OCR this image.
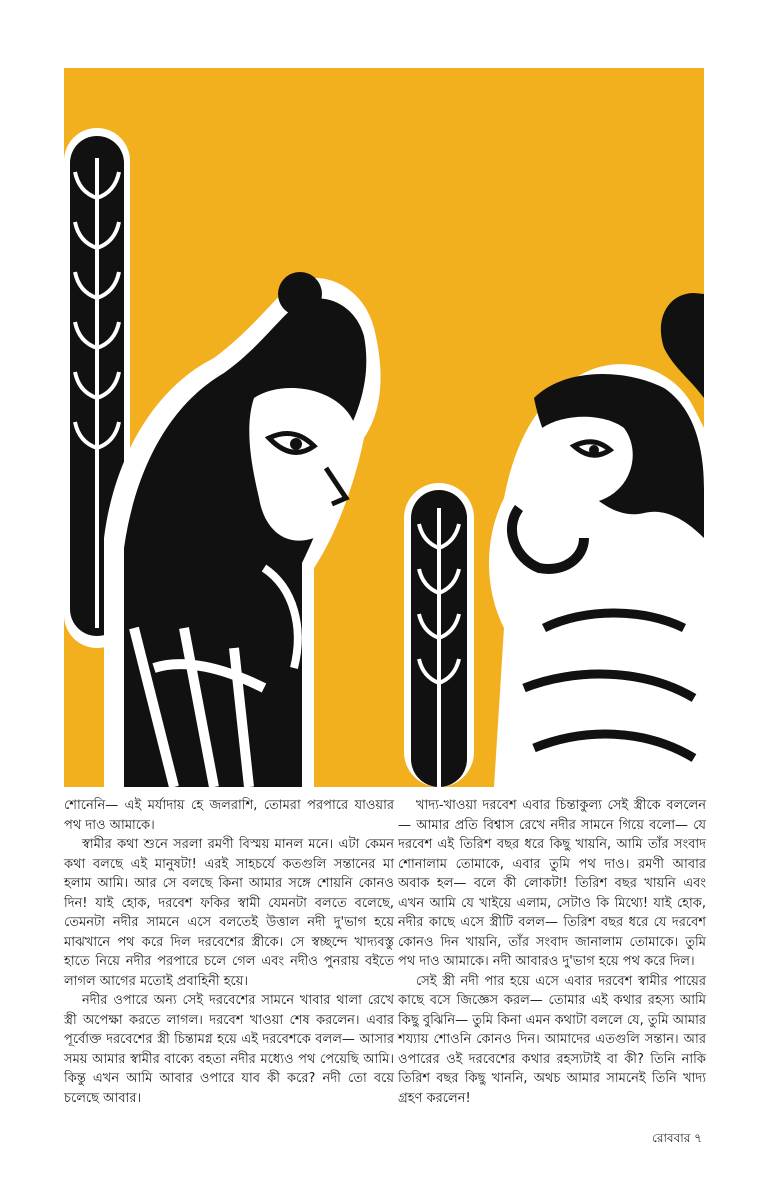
শোনেনি— এই মর্যাদায় হে জলরাশি, তোমরা পরপারে যাওয়ার পথ দাও আমাকে।

স্বামীর কথা শুনে সরলা রমণী বিস্ময় মানল মনে। এটা কেমন কথা বলছে এই মানুষটা! এরই সাহচর্যে কতগুলি সন্তানের মা হলাম আমি। আর সে বলছে কিনা আমার সঙ্গে শোয়নি কোনও দিন! যাই হোক, দরবেশ ফকির স্বামী যেমনটা বলতে বলেছে, তেমনটা নদীর সামনে এসে বলতেই উত্তাল নদী দু'ভাগ হয়ে মাঝখানে পথ করে দিল দরবেশের স্ত্রীকে। সে স্বচ্ছন্দে খাদ্যবস্তু হাতে নিয়ে নদীর পরপারে চলে গেল এবং নদীও পুনরায় বইতে লাগল আগের মতোই প্রবাহিনী হয়ে।

নদীর ওপারে অন্য সেই দরবেশের সামনে খাবার থালা রেখে স্ত্রী অপেক্ষা করতে লাগল। দরবেশ খাওয়া শেষ করলেন। এবার পূর্বোক্ত দরবেশের স্ত্রী চিন্তামগ্ন হয়ে এই দরবেশকে বলল— আসার সময় আমার স্বামীর বাক্যে বহতা নদীর মধ্যেও পথ পেয়েছি আমি। কিন্তু এখন আমি আবার ওপারে যাব কী করে? নদী তো বয়ে চলেছে আবার।

খাদ্য-খাওয়া দরবেশ এবার চিন্তাকুল্য সেই স্ত্রীকে বললেন— আমার প্রতি বিশ্বাস রেখে নদীর সামনে গিয়ে বলো— যে দরবেশ এই তিরিশ বছর ধরে কিছু খায়নি, আমি তাঁর সংবাদ শোনালাম তোমাকে, এবার তুমি পথ দাও। রমণী আবার অবাক হল— বলে কী লোকটা! তিরিশ বছর খায়নি এবং এখন আমি যে খাইয়ে এলাম, সেটাও কি মিথ্যে! যাই হোক, নদীর কাছে এসে স্ত্রীটি বলল— তিরিশ বছর ধরে যে দরবেশ কোনও দিন খায়নি, তাঁর সংবাদ জানালাম তোমাকে। তুমি পথ দাও আমাকে। নদী আবারও দু'ভাগ হয়ে পথ করে দিল।

সেই স্ত্রী নদী পার হয়ে এসে এবার দরবেশ স্বামীর পায়ের কাছে বসে জিজ্ঞেস করল— তোমার এই কথার রহস্য আমি কিছু বুঝিনি— তুমি কিনা এমন কথাটা বললে যে, তুমি আমার শয্যায় শোওনি কোনও দিন। আমাদের এতগুলি সন্তান। আর ওপারের ওই দরবেশের কথার রহস্যটাই বা কী? তিনি নাকি তিরিশ বছর কিছু খাননি, অথচ আমার সামনেই তিনি খাদ্য গ্রহণ করলেন!

রোববার ৭
